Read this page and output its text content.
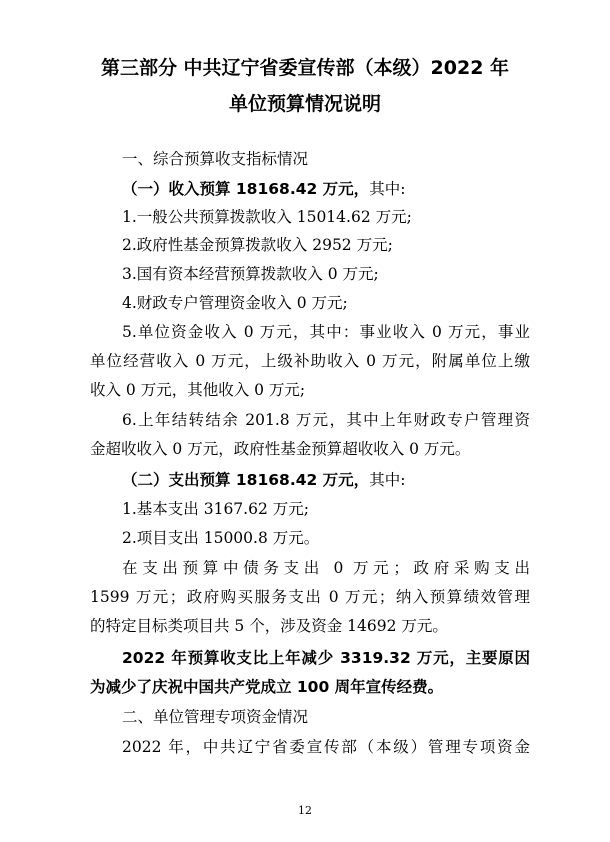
第三部分 中共辽宁省委宣传部（本级）2022 年
单位预算情况说明
一、综合预算收支指标情况
（一）收入预算 18168.42 万元，其中:
1.一般公共预算拨款收入 15014.62 万元;
2.政府性基金预算拨款收入 2952 万元;
3.国有资本经营预算拨款收入 0 万元;
4.财政专户管理资金收入 0 万元;
5.单位资金收入 0 万元，其中：事业收入 0 万元，事业
单位经营收入 0 万元，上级补助收入 0 万元，附属单位上缴
收入 0 万元，其他收入 0 万元;
6.上年结转结余 201.8 万元，其中上年财政专户管理资
金超收收入 0 万元，政府性基金预算超收收入 0 万元。
（二）支出预算 18168.42 万元，其中:
1.基本支出 3167.62 万元;
2.项目支出 15000.8 万元。
在支出预算中债务支出 0 万元；政府采购支出
1599 万元；政府购买服务支出 0 万元；纳入预算绩效管理
的特定目标类项目共 5 个，涉及资金 14692 万元。
2022 年预算收支比上年减少 3319.32 万元，主要原因
为减少了庆祝中国共产党成立 100 周年宣传经费。
二、单位管理专项资金情况
2022 年，中共辽宁省委宣传部（本级）管理专项资金
12
